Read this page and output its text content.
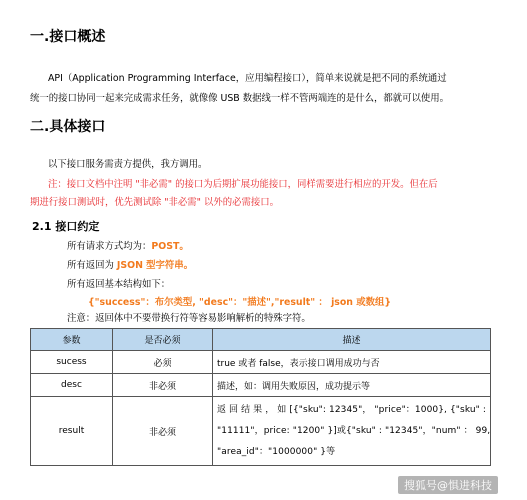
一.接口概述
API（Application Programming Interface，应用编程接口），简单来说就是把不同的系统通过
统一的接口协同一起来完成需求任务，就像像 USB 数据线一样不管两端连的是什么，都就可以使用。
二.具体接口
以下接口服务需责方提供，我方调用。
注：接口文档中注明 "非必需" 的接口为后期扩展功能接口，同样需要进行相应的开发。但在后
期进行接口测试时，优先测试除 "非必需" 以外的必需接口。
2.1 接口约定
所有请求方式均为：POST。
所有返回为 JSON 型字符串。
所有返回基本结构如下：
{"success"：布尔类型, "desc"："描述","result" ： json 或数组}
注意：返回体中不要带换行符等容易影响解析的特殊字符。
参数	是否必须	描述
sucess	必须	true 或者 false，表示接口调用成功与否
desc	非必须	描述，如：调用失败原因，成功提示等
result	非必须	返 回 结 果 ， 如 [{"sku": 12345"， "price"：1000}, {"sku" :
"11111"，price: "1200" }]或{"sku" : "12345"，"num" ： 99,
"area_id"："1000000" }等
搜狐号@惧进科技
